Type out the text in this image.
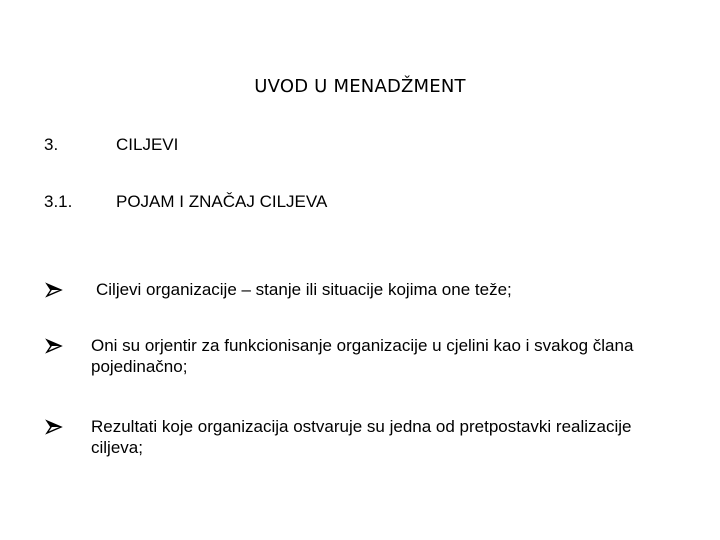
UVOD U MENADŽMENT
3.	CILJEVI
3.1.	POJAM I ZNAČAJ CILJEVA
Ciljevi organizacije – stanje ili situacije kojima one teže;
Oni su orjentir za funkcionisanje organizacije u cjelini kao i svakog člana pojedinačno;
Rezultati koje organizacija ostvaruje su jedna od pretpostavki realizacije ciljeva;
